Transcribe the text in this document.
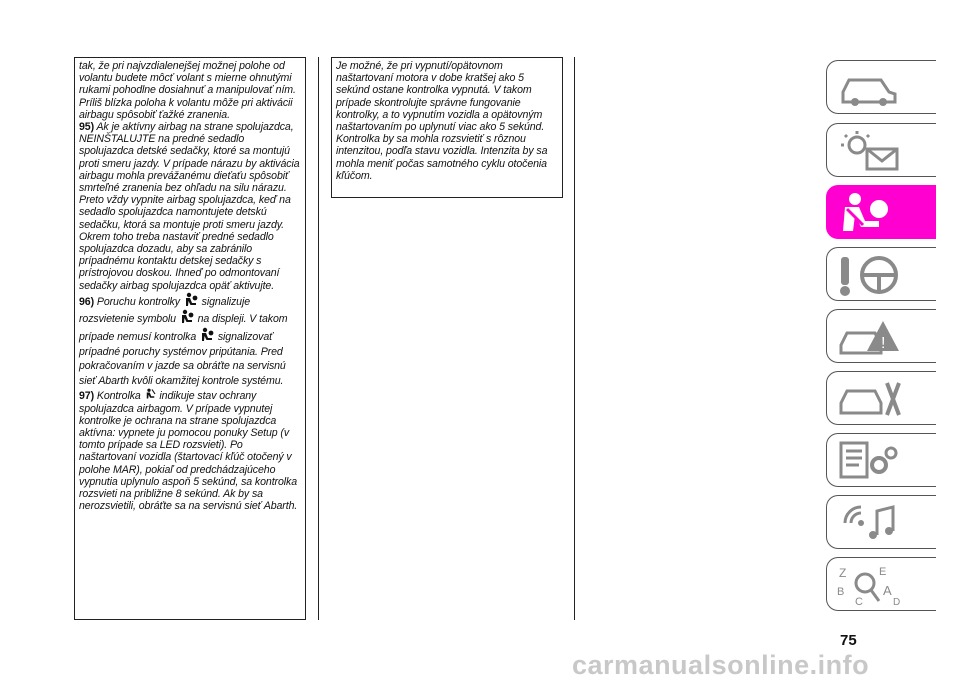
tak, že pri najvzdialenejšej možnej polohe od volantu budete môcť volant s miernе ohnutými rukami pohodlne dosiahnuť a manipulovať ním. Príliš blízka poloha k volantu môže pri aktivácii airbagu spôsobiť ťažké zranenia.

95) Ak je aktívny airbag na strane spolujazdca, NEINŠTALUJTE na predné sedadlo spolujazdca detské sedačky, ktoré sa montujú proti smeru jazdy. V prípade nárazu by aktivácia airbagu mohla prevážanému dieťaťu spôsobiť smrteľné zranenia bez ohľadu na silu nárazu. Preto vždy vypnite airbag spolujazdca, keď na sedadlo spolujazdca namontujete detskú sedačku, ktorá sa montuje proti smeru jazdy. Okrem toho treba nastaviť predné sedadlo spolujazdca dozadu, aby sa zabránilo prípadnému kontaktu detskej sedačky s prístrojovou doskou. Ihneď po odmontovaní sedačky airbag spolujazdca opäť aktivujte.

96) Poruchu kontrolky signalizuje rozsvietenie symbolu na displeji. V takom prípade nemusí kontrolka signalizovať prípadné poruchy systémov pripútania. Pred pokračovaním v jazde sa obráťte na servisnú sieť Abarth kvôli okamžitej kontrole systému.

97) Kontrolka indikuje stav ochrany spolujazdca airbagom. V prípade vypnutej kontrolke je ochrana na strane spolujazdca aktívna: vypnete ju pomocou ponuky Setup (v tomto prípade sa LED rozsvieti). Po naštartovaní vozidla (štartovací kľúč otočený v polohe MAR), pokiaľ od predchádzajúceho vypnutia uplynulo aspoň 5 sekúnd, sa kontrolka rozsvieti na približne 8 sekúnd. Ak by sa nerozsvietili, obráťte sa na servisnú sieť Abarth.

Je možné, že pri vypnutí/opätovnom naštartovaní motora v dobe kratšej ako 5 sekúnd ostane kontrolka vypnutá. V takom prípade skontrolujte správne fungovanie kontrolky, a to vypnutím vozidla a opätovným naštartovaním po uplynutí viac ako 5 sekúnd. Kontrolka by sa mohla rozsvietiť s rôznou intenzitou, podľa stavu vozidla. Intenzita by sa mohla meniť počas samotného cyklu otočenia kľúčom.

!
Z	E
B
C
A
D
75
carmanualsonline.info
